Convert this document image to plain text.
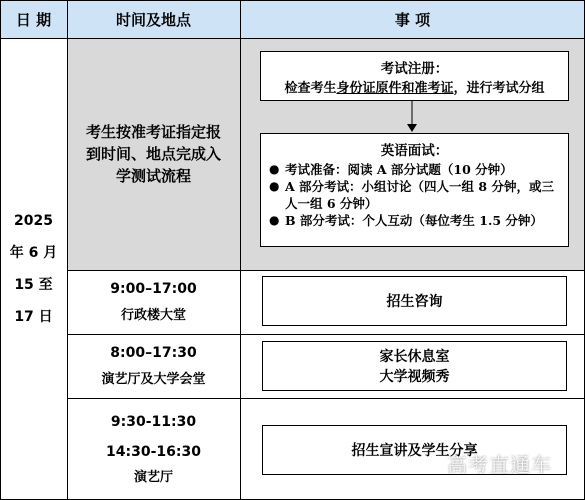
日 期	时间及地点	事 项
2025
年 6 月
15 至
17 日
考生按准考证指定报到时间、地点完成入学测试流程
考试注册：
检查考生身份证原件和准考证，进行考试分组
英语面试：
● 考试准备：阅读 A 部分试题（10 分钟）
● A 部分考试：小组讨论（四人一组 8 分钟，或三人一组 6 分钟）
● B 部分考试：个人互动（每位考生 1.5 分钟）
9:00–17:00
行政楼大堂
招生咨询
8:00–17:30
演艺厅及大学会堂
家长休息室
大学视频秀
9:30-11:30
14:30-16:30
演艺厅
招生宣讲及学生分享
高考直通车
